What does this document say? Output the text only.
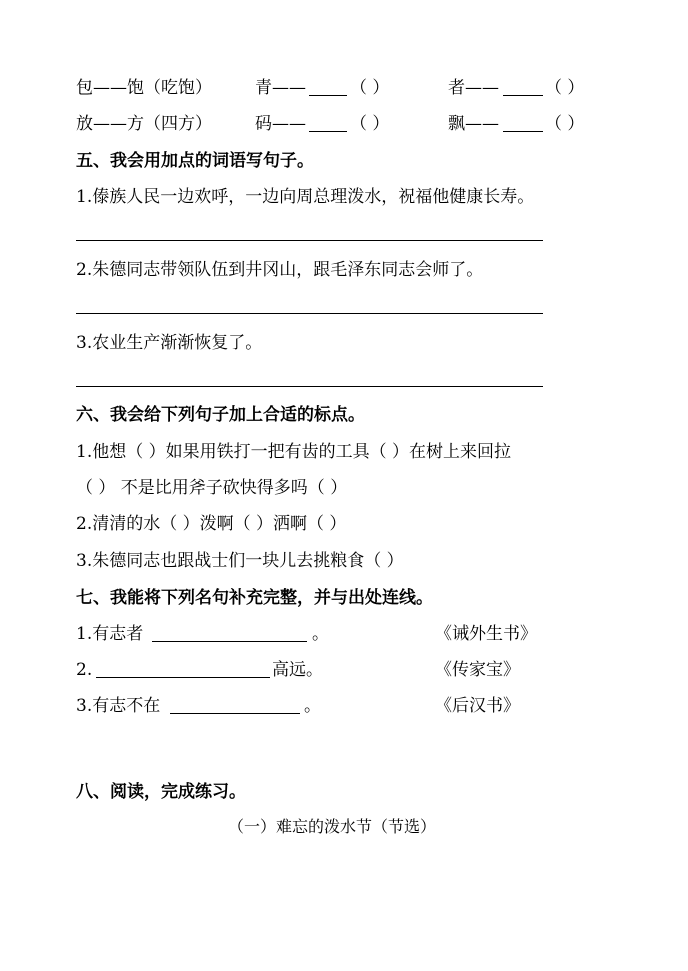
包——饱（吃饱）	青——	（ ）	者——	（ ）
放——方（四方）	码——	（ ）	飘——	（ ）
五、我会用加点的词语写句子。
1.傣族人民一边欢呼，一边向周总理泼水，祝福他健康长寿。
2.朱德同志带领队伍到井冈山，跟毛泽东同志会师了。
3.农业生产渐渐恢复了。
六、我会给下列句子加上合适的标点。
1.他想（ ）如果用铁打一把有齿的工具（ ）在树上来回拉
（ ） 不是比用斧子砍快得多吗（ ）
2.清清的水（ ）泼啊（ ）洒啊（ ）
3.朱德同志也跟战士们一块儿去挑粮食（ ）
七、我能将下列名句补充完整，并与出处连线。
1.有志者	。	《诫外生书》
2.	高远。	《传家宝》
3.有志不在	。	《后汉书》
八、阅读，完成练习。
（一）难忘的泼水节（节选）
